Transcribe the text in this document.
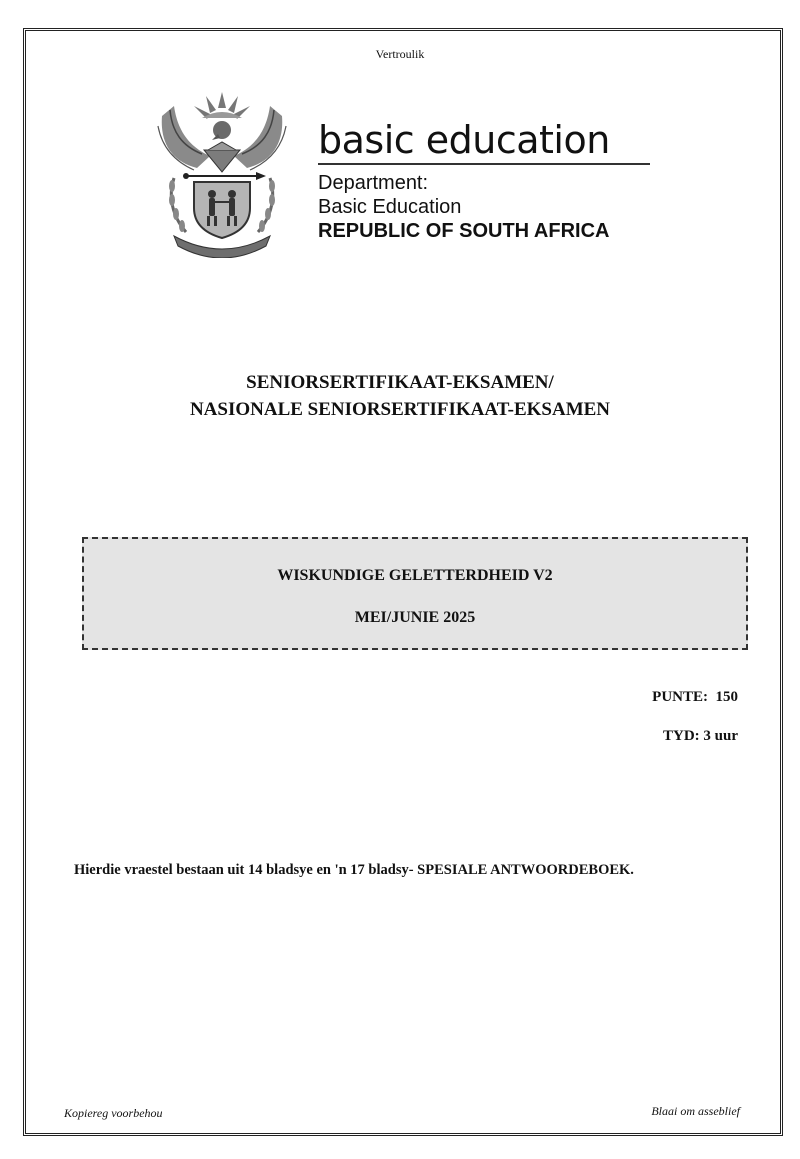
Vertroulik
basic education
Department:
Basic Education
REPUBLIC OF SOUTH AFRICA
SENIORSERTIFIKAAT-EKSAMEN/
NASIONALE SENIORSERTIFIKAAT-EKSAMEN
WISKUNDIGE GELETTERDHEID V2
MEI/JUNIE 2025
PUNTE:  150
TYD: 3 uur
Hierdie vraestel bestaan uit 14 bladsye en 'n 17 bladsy- SPESIALE ANTWOORDEBOEK.
Kopiereg voorbehou	Blaai om asseblief
